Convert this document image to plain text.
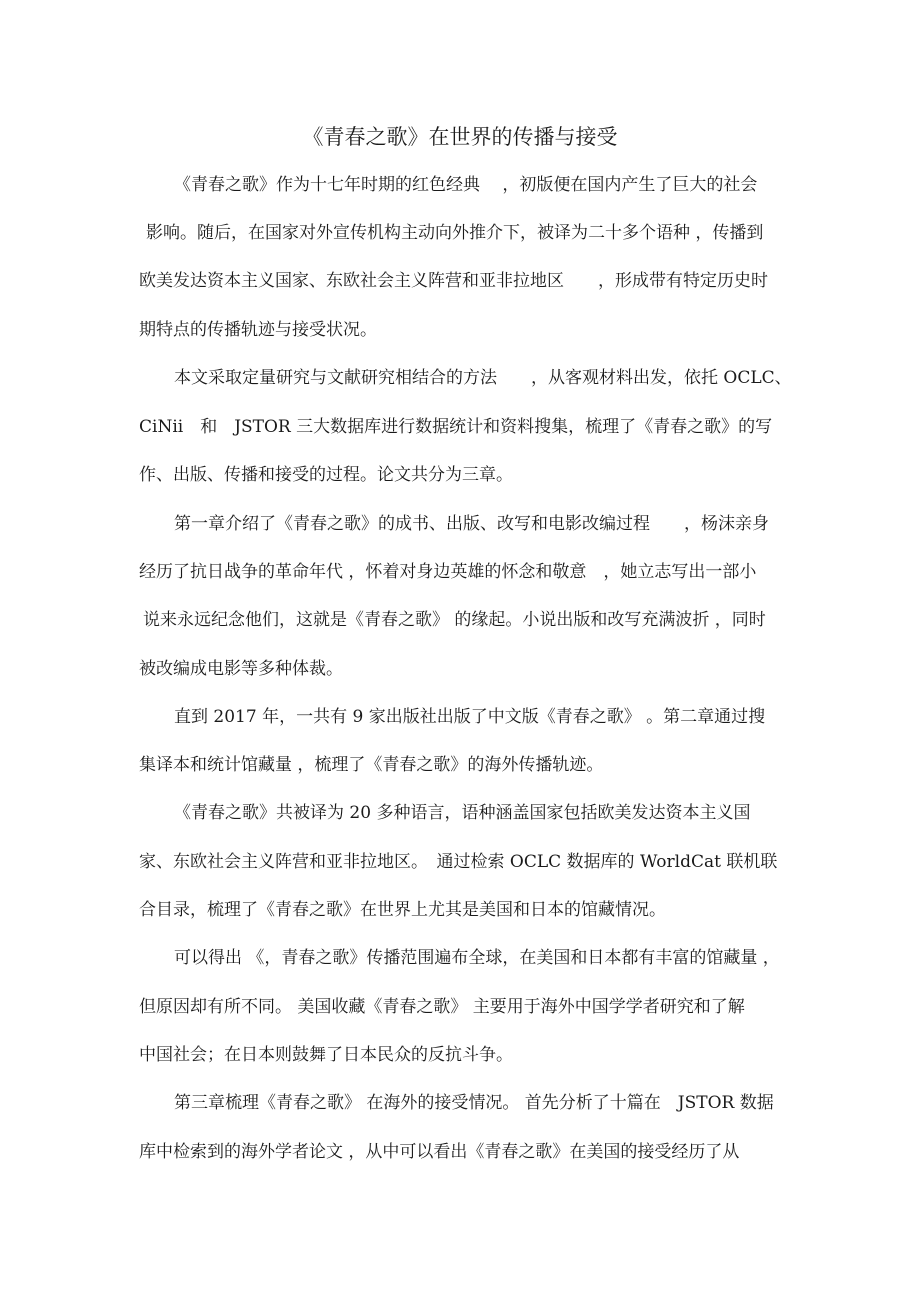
《青春之歌》在世界的传播与接受
《青春之歌》作为十七年时期的红色经典　 ，初版便在国内产生了巨大的社会
影响。随后，在国家对外宣传机构主动向外推介下，被译为二十多个语种 ，传播到
欧美发达资本主义国家、东欧社会主义阵营和亚非拉地区　　，形成带有特定历史时
期特点的传播轨迹与接受状况。
本文采取定量研究与文献研究相结合的方法　　，从客观材料出发，依托 OCLC、
CiNii　和　JSTOR 三大数据库进行数据统计和资料搜集，梳理了《青春之歌》的写
作、出版、传播和接受的过程。论文共分为三章。
第一章介绍了《青春之歌》的成书、出版、改写和电影改编过程　　，杨沫亲身
经历了抗日战争的革命年代 ，怀着对身边英雄的怀念和敬意　，她立志写出一部小
说来永远纪念他们，这就是《青春之歌》 的缘起。小说出版和改写充满波折 ，同时
被改编成电影等多种体裁。
直到 2017 年，一共有 9 家出版社出版了中文版《青春之歌》 。第二章通过搜
集译本和统计馆藏量 ，梳理了《青春之歌》的海外传播轨迹。
《青春之歌》共被译为 20 多种语言，语种涵盖国家包括欧美发达资本主义国
家、东欧社会主义阵营和亚非拉地区。　通过检索 OCLC 数据库的 WorldCat 联机联
合目录，梳理了《青春之歌》在世界上尤其是美国和日本的馆藏情况。
可以得出 《，青春之歌》传播范围遍布全球，在美国和日本都有丰富的馆藏量 ，
但原因却有所不同。 美国收藏《青春之歌》 主要用于海外中国学学者研究和了解
中国社会；在日本则鼓舞了日本民众的反抗斗争。
第三章梳理《青春之歌》 在海外的接受情况。 首先分析了十篇在　JSTOR 数据
库中检索到的海外学者论文 ，从中可以看出《青春之歌》在美国的接受经历了从
